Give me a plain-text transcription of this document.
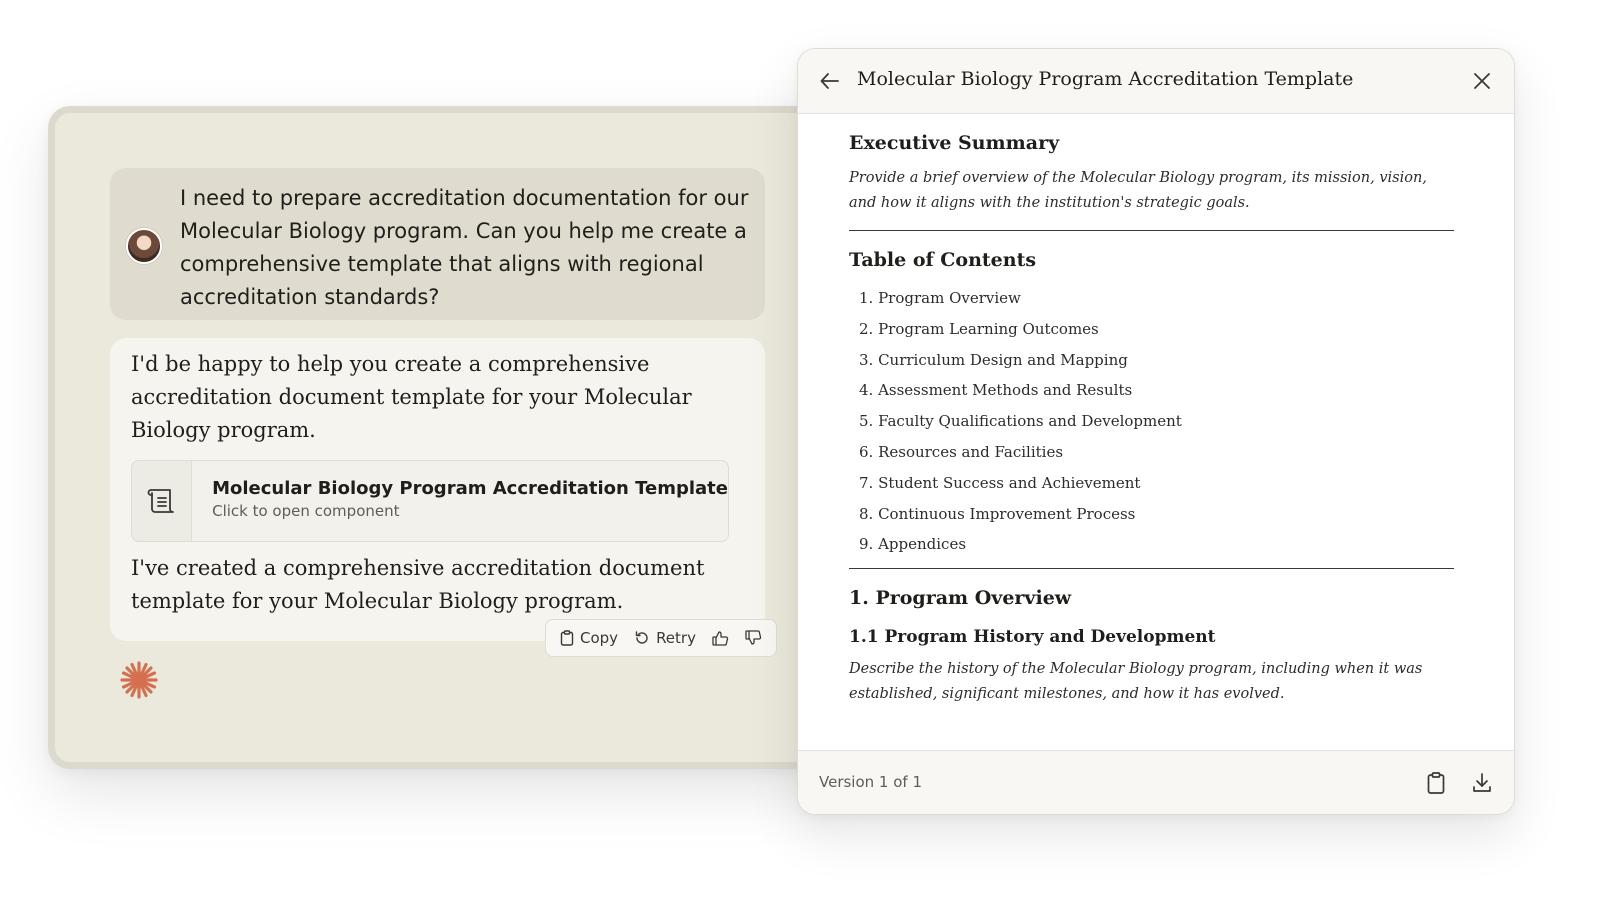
I need to prepare accreditation documentation for our Molecular Biology program. Can you help me create a comprehensive template that aligns with regional accreditation standards?
I'd be happy to help you create a comprehensive accreditation document template for your Molecular Biology program.
Molecular Biology Program Accreditation Template
Click to open component
I've created a comprehensive accreditation document template for your Molecular Biology program.
Copy	Retry
Molecular Biology Program Accreditation Template
Executive Summary

Provide a brief overview of the Molecular Biology program, its mission, vision, and how it aligns with the institution's strategic goals.

Table of Contents
1. Program Overview
2. Program Learning Outcomes
3. Curriculum Design and Mapping
4. Assessment Methods and Results
5. Faculty Qualifications and Development
6. Resources and Facilities
7. Student Success and Achievement
8. Continuous Improvement Process
9. Appendices
1. Program Overview
1.1 Program History and Development

Describe the history of the Molecular Biology program, including when it was established, significant milestones, and how it has evolved.

Version 1 of 1
